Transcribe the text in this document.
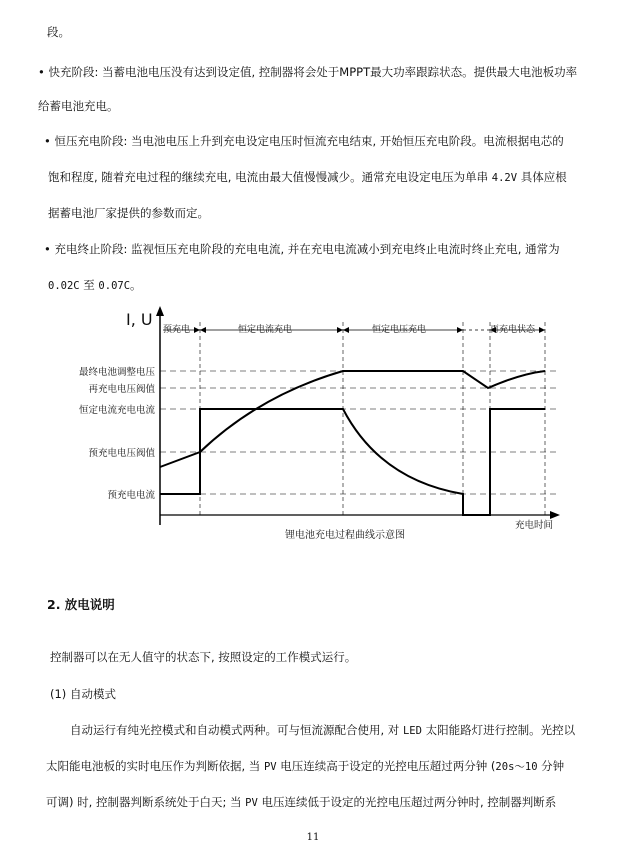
段。
• 快充阶段: 当蓄电池电压没有达到设定值, 控制器将会处于MPPT最大功率跟踪状态。提供最大电池板功率
给蓄电池充电。
• 恒压充电阶段: 当电池电压上升到充电设定电压时恒流充电结束, 开始恒压充电阶段。电流根据电芯的
饱和程度, 随着充电过程的继续充电, 电流由最大值慢慢减少。通常充电设定电压为单串 4.2V 具体应根
据蓄电池厂家提供的参数而定。
• 充电终止阶段: 监视恒压充电阶段的充电电流, 并在充电电流减小到充电终止电流时终止充电, 通常为
0.02C 至 0.07C。
I, U
预充电	恒定电流充电	恒定电压充电	再充电状态
最终电池调整电压
再充电电压阀值
恒定电流充电电流
预充电电压阀值
预充电电流
充电时间
锂电池充电过程曲线示意图
2. 放电说明
控制器可以在无人值守的状态下, 按照设定的工作模式运行。
(1) 自动模式
自动运行有纯光控模式和自动模式两种。可与恒流源配合使用, 对 LED 太阳能路灯进行控制。光控以
太阳能电池板的实时电压作为判断依据, 当 PV 电压连续高于设定的光控电压超过两分钟 (20s～10 分钟
可调) 时, 控制器判断系统处于白天; 当 PV 电压连续低于设定的光控电压超过两分钟时, 控制器判断系
11
